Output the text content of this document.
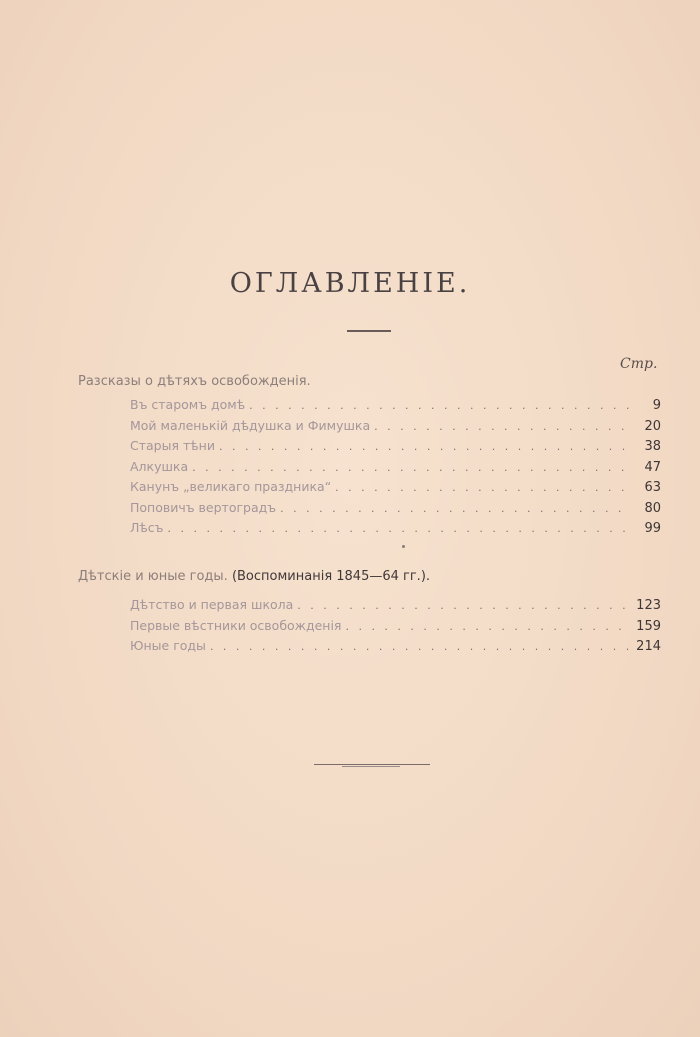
ОГЛАВЛЕНІЕ.
Стр.
Разсказы о дѣтяхъ освобожденія.
Въ старомъ домѣ . . .	9
Мой маленькій дѣдушка и Фимушка . . .	20
Старыя тѣни . . .	38
Алкушка . . .	47
Канунъ „великаго праздника“ . . .	63
Поповичъ вертоградъ . . .	80
Лѣсъ . . .	99
Дѣтскіе и юные годы. (Воспоминанія 1845—64 гг.).
Дѣтство и первая школа . . .	123
Первые вѣстники освобожденія . . .	159
Юные годы . . .	214
